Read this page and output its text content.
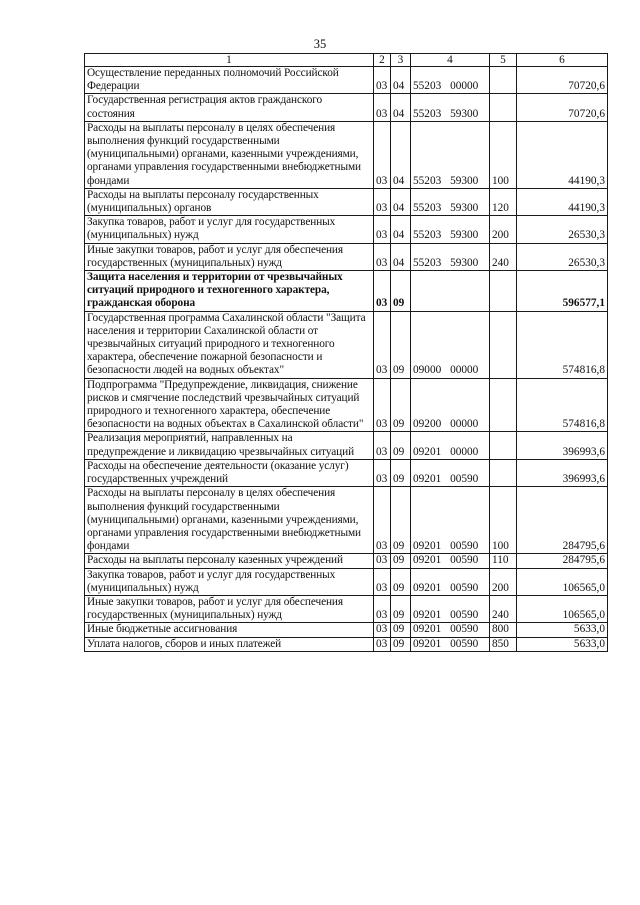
35
1	2	3	4	5	6
Осуществление переданных полномочий Российской Федерации	03	04	55203 00000		70720,6
Государственная регистрация актов гражданского состояния	03	04	55203 59300		70720,6
Расходы на выплаты персоналу в целях обеспечения выполнения функций государственными (муниципальными) органами, казенными учреждениями, органами управления государственными внебюджетными фондами	03	04	55203 59300	100	44190,3
Расходы на выплаты персоналу государственных (муниципальных) органов	03	04	55203 59300	120	44190,3
Закупка товаров, работ и услуг для государственных (муниципальных) нужд	03	04	55203 59300	200	26530,3
Иные закупки товаров, работ и услуг для обеспечения государственных (муниципальных) нужд	03	04	55203 59300	240	26530,3
Защита населения и территории от чрезвычайных ситуаций природного и техногенного характера, гражданская оборона	03	09			596577,1
Государственная программа Сахалинской области "Защита населения и территории Сахалинской области от чрезвычайных ситуаций природного и техногенного характера, обеспечение пожарной безопасности и безопасности людей на водных объектах"	03	09	09000 00000		574816,8
Подпрограмма "Предупреждение, ликвидация, снижение рисков и смягчение последствий чрезвычайных ситуаций природного и техногенного характера, обеспечение безопасности на водных объектах в Сахалинской области"	03	09	09200 00000		574816,8
Реализация мероприятий, направленных на предупреждение и ликвидацию чрезвычайных ситуаций	03	09	09201 00000		396993,6
Расходы на обеспечение деятельности (оказание услуг) государственных учреждений	03	09	09201 00590		396993,6
Расходы на выплаты персоналу в целях обеспечения выполнения функций государственными (муниципальными) органами, казенными учреждениями, органами управления государственными внебюджетными фондами	03	09	09201 00590	100	284795,6
Расходы на выплаты персоналу казенных учреждений	03	09	09201 00590	110	284795,6
Закупка товаров, работ и услуг для государственных (муниципальных) нужд	03	09	09201 00590	200	106565,0
Иные закупки товаров, работ и услуг для обеспечения государственных (муниципальных) нужд	03	09	09201 00590	240	106565,0
Иные бюджетные ассигнования	03	09	09201 00590	800	5633,0
Уплата налогов, сборов и иных платежей	03	09	09201 00590	850	5633,0
